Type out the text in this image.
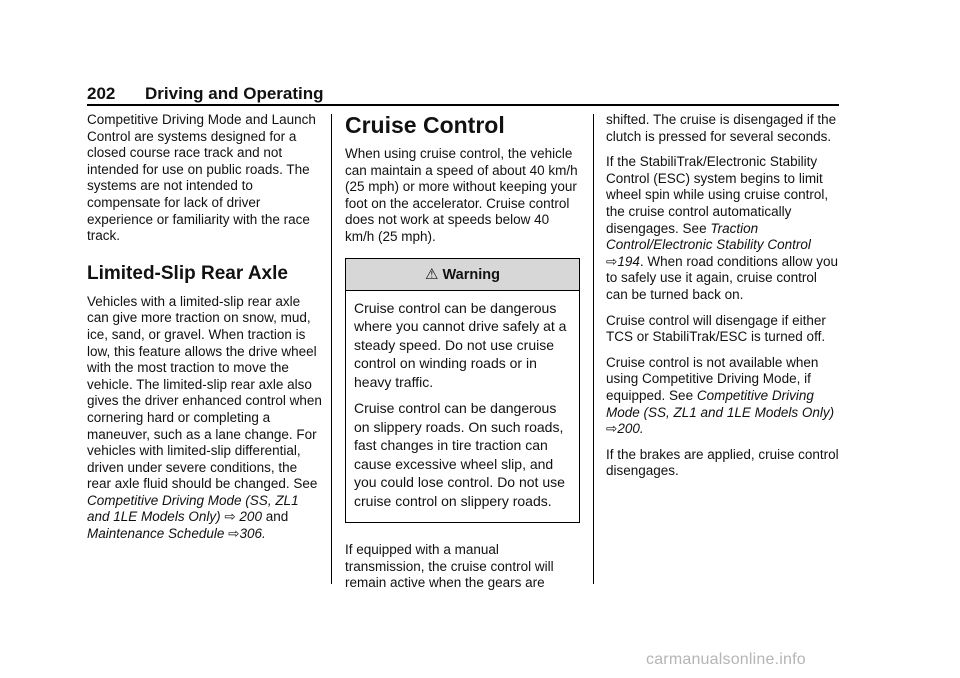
202 Driving and Operating

Competitive Driving Mode and Launch Control are systems designed for a closed course race track and not intended for use on public roads. The systems are not intended to compensate for lack of driver experience or familiarity with the race track.

Limited-Slip Rear Axle

Vehicles with a limited-slip rear axle can give more traction on snow, mud, ice, sand, or gravel. When traction is low, this feature allows the drive wheel with the most traction to move the vehicle. The limited-slip rear axle also gives the driver enhanced control when cornering hard or completing a maneuver, such as a lane change. For vehicles with limited-slip differential, driven under severe conditions, the rear axle fluid should be changed. See Competitive Driving Mode (SS, ZL1 and 1LE Models Only) ⇨ 200 and Maintenance Schedule ⇨306.

Cruise Control

When using cruise control, the vehicle can maintain a speed of about 40 km/h (25 mph) or more without keeping your foot on the accelerator. Cruise control does not work at speeds below 40 km/h (25 mph).

⚠ Warning

Cruise control can be dangerous where you cannot drive safely at a steady speed. Do not use cruise control on winding roads or in heavy traffic.

Cruise control can be dangerous on slippery roads. On such roads, fast changes in tire traction can cause excessive wheel slip, and you could lose control. Do not use cruise control on slippery roads.

If equipped with a manual transmission, the cruise control will remain active when the gears are

shifted. The cruise is disengaged if the clutch is pressed for several seconds.

If the StabiliTrak/Electronic Stability Control (ESC) system begins to limit wheel spin while using cruise control, the cruise control automatically disengages. See Traction Control/Electronic Stability Control ⇨194. When road conditions allow you to safely use it again, cruise control can be turned back on.

Cruise control will disengage if either TCS or StabiliTrak/ESC is turned off.

Cruise control is not available when using Competitive Driving Mode, if equipped. See Competitive Driving Mode (SS, ZL1 and 1LE Models Only) ⇨200.

If the brakes are applied, cruise control disengages.

carmanualsonline.info
